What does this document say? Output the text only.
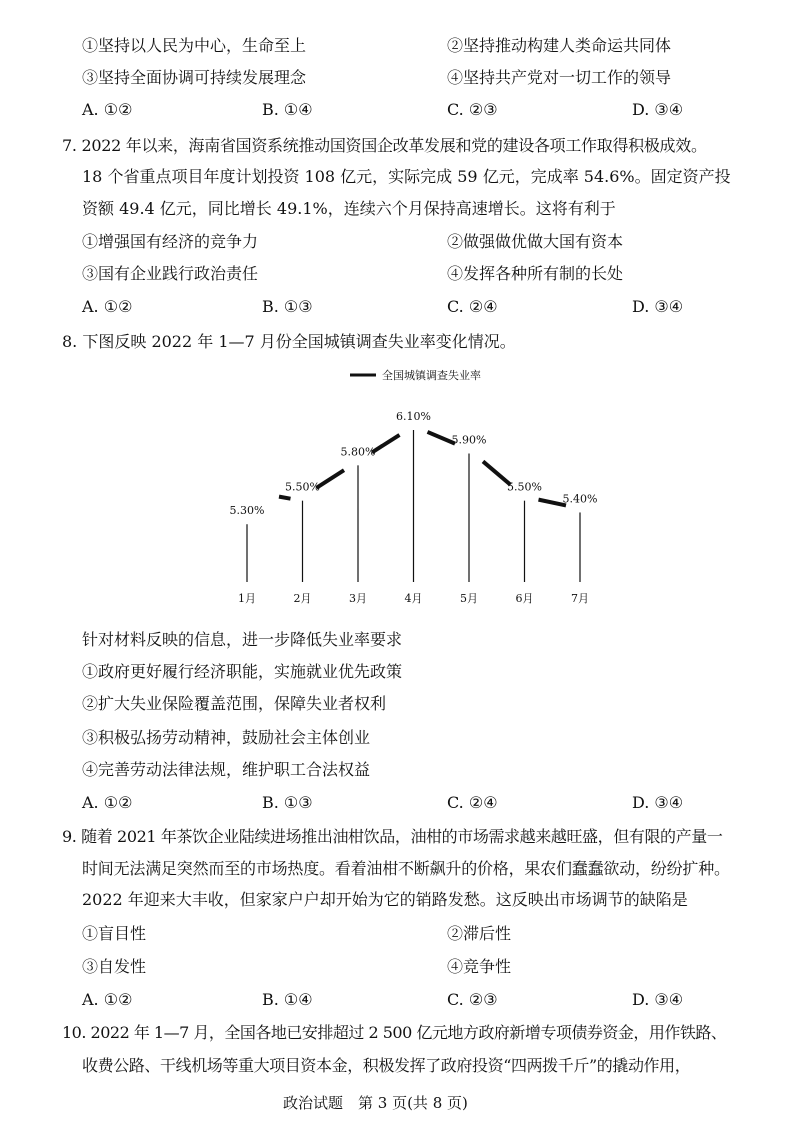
①坚持以人民为中心，生命至上	②坚持推动构建人类命运共同体
③坚持全面协调可持续发展理念	④坚持共产党对一切工作的领导
A. ①②	B. ①④	C. ②③	D. ③④
7. 2022 年以来，海南省国资系统推动国资国企改革发展和党的建设各项工作取得积极成效。
18 个省重点项目年度计划投资 108 亿元，实际完成 59 亿元，完成率 54.6%。固定资产投
资额 49.4 亿元，同比增长 49.1%，连续六个月保持高速增长。这将有利于
①增强国有经济的竞争力	②做强做优做大国有资本
③国有企业践行政治责任	④发挥各种所有制的长处
A. ①②	B. ①③	C. ②④	D. ③④
8. 下图反映 2022 年 1—7 月份全国城镇调查失业率变化情况。
全国城镇调查失业率
5.30%
5.50%
5.80%
6.10%
5.90%
5.50%
5.40%
1月	2月	3月	4月	5月	6月	7月
针对材料反映的信息，进一步降低失业率要求
①政府更好履行经济职能，实施就业优先政策
②扩大失业保险覆盖范围，保障失业者权利
③积极弘扬劳动精神，鼓励社会主体创业
④完善劳动法律法规，维护职工合法权益
A. ①②	B. ①③	C. ②④	D. ③④
9. 随着 2021 年茶饮企业陆续进场推出油柑饮品，油柑的市场需求越来越旺盛，但有限的产量一
时间无法满足突然而至的市场热度。看着油柑不断飙升的价格，果农们蠢蠢欲动，纷纷扩种。
2022 年迎来大丰收，但家家户户却开始为它的销路发愁。这反映出市场调节的缺陷是
①盲目性	②滞后性
③自发性	④竞争性
A. ①②	B. ①④	C. ②③	D. ③④
10. 2022 年 1—7 月，全国各地已安排超过 2 500 亿元地方政府新增专项债券资金，用作铁路、
收费公路、干线机场等重大项目资本金，积极发挥了政府投资“四两拨千斤”的撬动作用，
政治试题　第 3 页(共 8 页)
